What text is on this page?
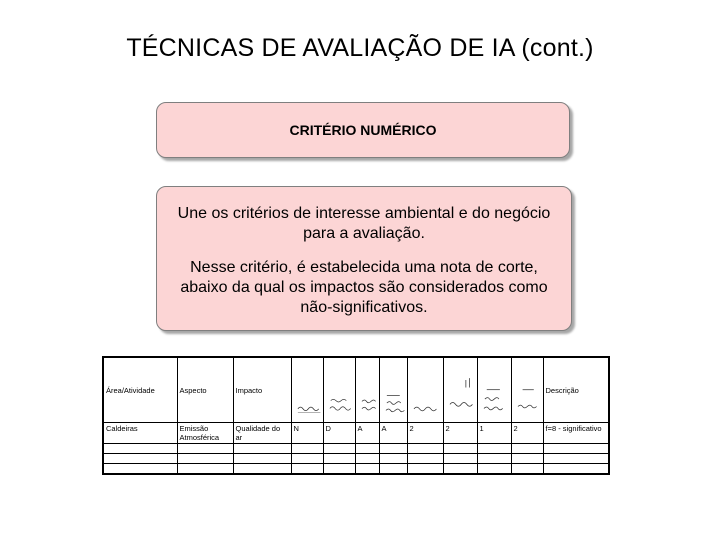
TÉCNICAS DE AVALIAÇÃO DE IA (cont.)
CRITÉRIO NUMÉRICO

Une os critérios de interesse ambiental e do negócio para a avaliação.

Nesse critério, é estabelecida uma nota de corte, abaixo da qual os impactos são considerados como não-significativos.

Área/Atividade	Aspecto	Impacto									Descrição
Caldeiras	Emissão Atmosférica	Qualidade do ar	N	D	A	A	2	2	1	2	f=8 - significativo
